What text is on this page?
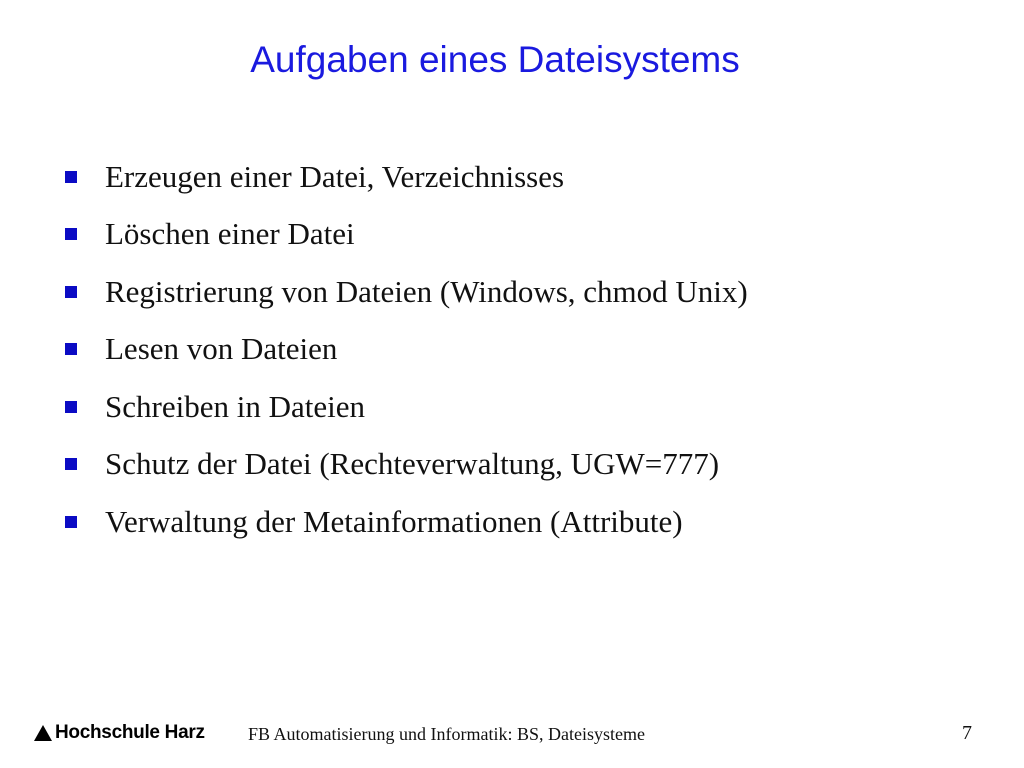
Aufgaben eines Dateisystems
Erzeugen einer Datei, Verzeichnisses
Löschen einer Datei
Registrierung von Dateien (Windows, chmod Unix)
Lesen von Dateien
Schreiben in Dateien
Schutz der Datei (Rechteverwaltung, UGW=777)
Verwaltung der Metainformationen (Attribute)
Hochschule Harz FB Automatisierung und Informatik: BS, Dateisysteme	7
